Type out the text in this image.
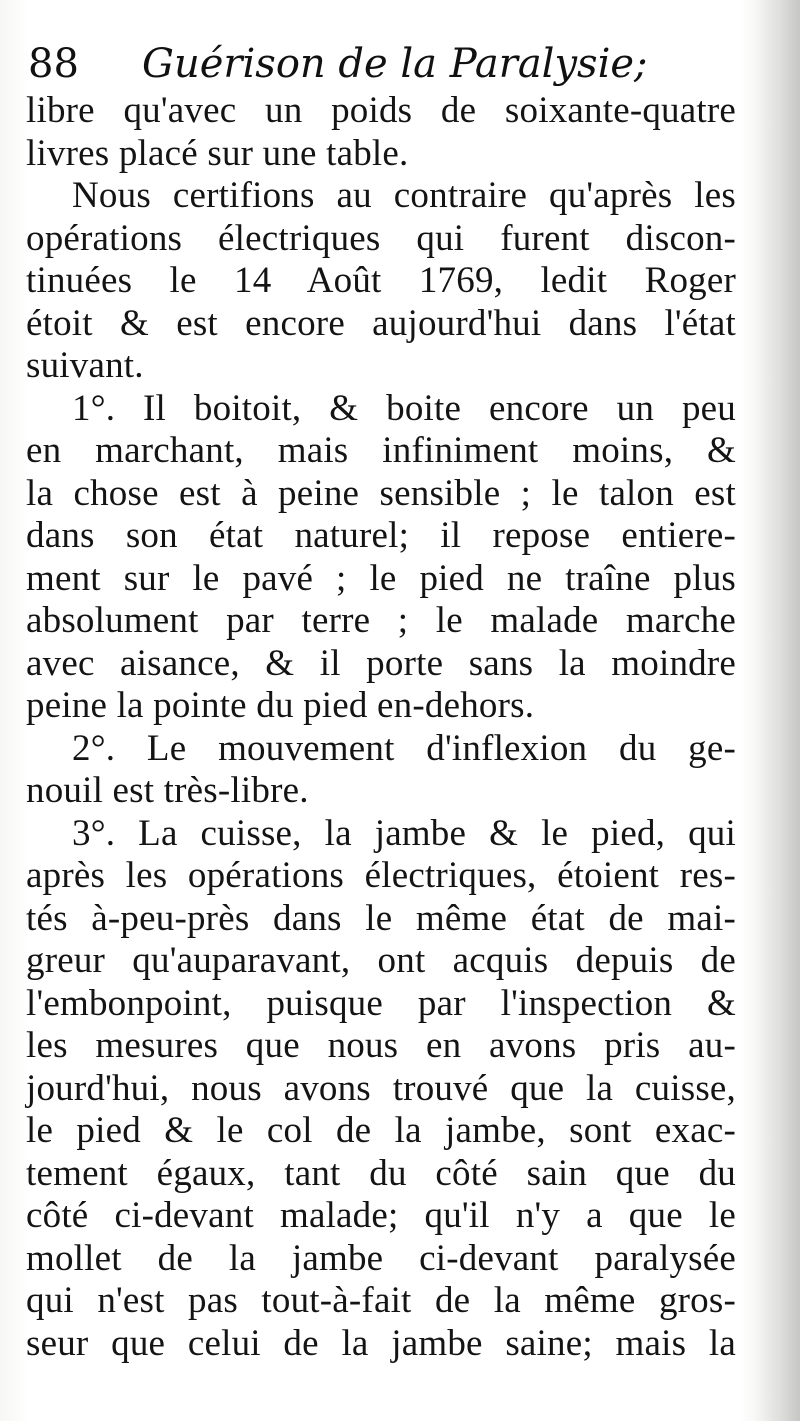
88 Guérison de la Paralysie;
libre qu'avec un poids de soixante-quatre
livres placé sur une table.
Nous certifions au contraire qu'après les
opérations électriques qui furent discon-
tinuées le 14 Août 1769, ledit Roger
étoit & est encore aujourd'hui dans l'état
suivant.
1°. Il boitoit, & boite encore un peu
en marchant, mais infiniment moins, &
la chose est à peine sensible ; le talon est
dans son état naturel; il repose entiere-
ment sur le pavé ; le pied ne traîne plus
absolument par terre ; le malade marche
avec aisance, & il porte sans la moindre
peine la pointe du pied en-dehors.
2°. Le mouvement d'inflexion du ge-
nouil est très-libre.
3°. La cuisse, la jambe & le pied, qui
après les opérations électriques, étoient res-
tés à-peu-près dans le même état de mai-
greur qu'auparavant, ont acquis depuis de
l'embonpoint, puisque par l'inspection &
les mesures que nous en avons pris au-
jourd'hui, nous avons trouvé que la cuisse,
le pied & le col de la jambe, sont exac-
tement égaux, tant du côté sain que du
côté ci-devant malade; qu'il n'y a que le
mollet de la jambe ci-devant paralysée
qui n'est pas tout-à-fait de la même gros-
seur que celui de la jambe saine; mais la
